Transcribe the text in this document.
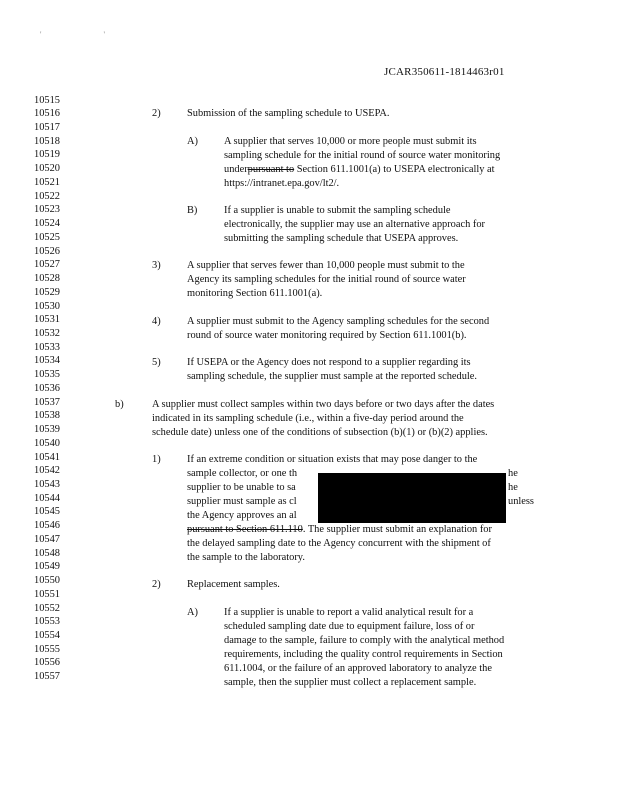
' '
JCAR350611-1814463r01
10515
10516
10517
10518
10519
10520
10521
10522
10523
10524
10525
10526
10527
10528
10529
10530
10531
10532
10533
10534
10535
10536
10537
10538
10539
10540
10541
10542
10543
10544
10545
10546
10547
10548
10549
10550
10551
10552
10553
10554
10555
10556
10557
2)	Submission of the sampling schedule to USEPA.
A)	A supplier that serves 10,000 or more people must submit its
sampling schedule for the initial round of source water monitoring
underpursuant to Section 611.1001(a) to USEPA electronically at
https://intranet.epa.gov/lt2/.
B)	If a supplier is unable to submit the sampling schedule
electronically, the supplier may use an alternative approach for
submitting the sampling schedule that USEPA approves.
3)	A supplier that serves fewer than 10,000 people must submit to the
Agency its sampling schedules for the initial round of source water
monitoring Section 611.1001(a).
4)	A supplier must submit to the Agency sampling schedules for the second
round of source water monitoring required by Section 611.1001(b).
5)	If USEPA or the Agency does not respond to a supplier regarding its
sampling schedule, the supplier must sample at the reported schedule.
b)	A supplier must collect samples within two days before or two days after the dates
indicated in its sampling schedule (i.e., within a five-day period around the
schedule date) unless one of the conditions of subsection (b)(1) or (b)(2) applies.
1)	If an extreme condition or situation exists that may pose danger to the
sample collector, or one th	he
supplier to be unable to sa	he
supplier must sample as cl	unless
the Agency approves an al
pursuant to Section 611.110. The supplier must submit an explanation for
the delayed sampling date to the Agency concurrent with the shipment of
the sample to the laboratory.
2)	Replacement samples.
A)	If a supplier is unable to report a valid analytical result for a
scheduled sampling date due to equipment failure, loss of or
damage to the sample, failure to comply with the analytical method
requirements, including the quality control requirements in Section
611.1004, or the failure of an approved laboratory to analyze the
sample, then the supplier must collect a replacement sample.
